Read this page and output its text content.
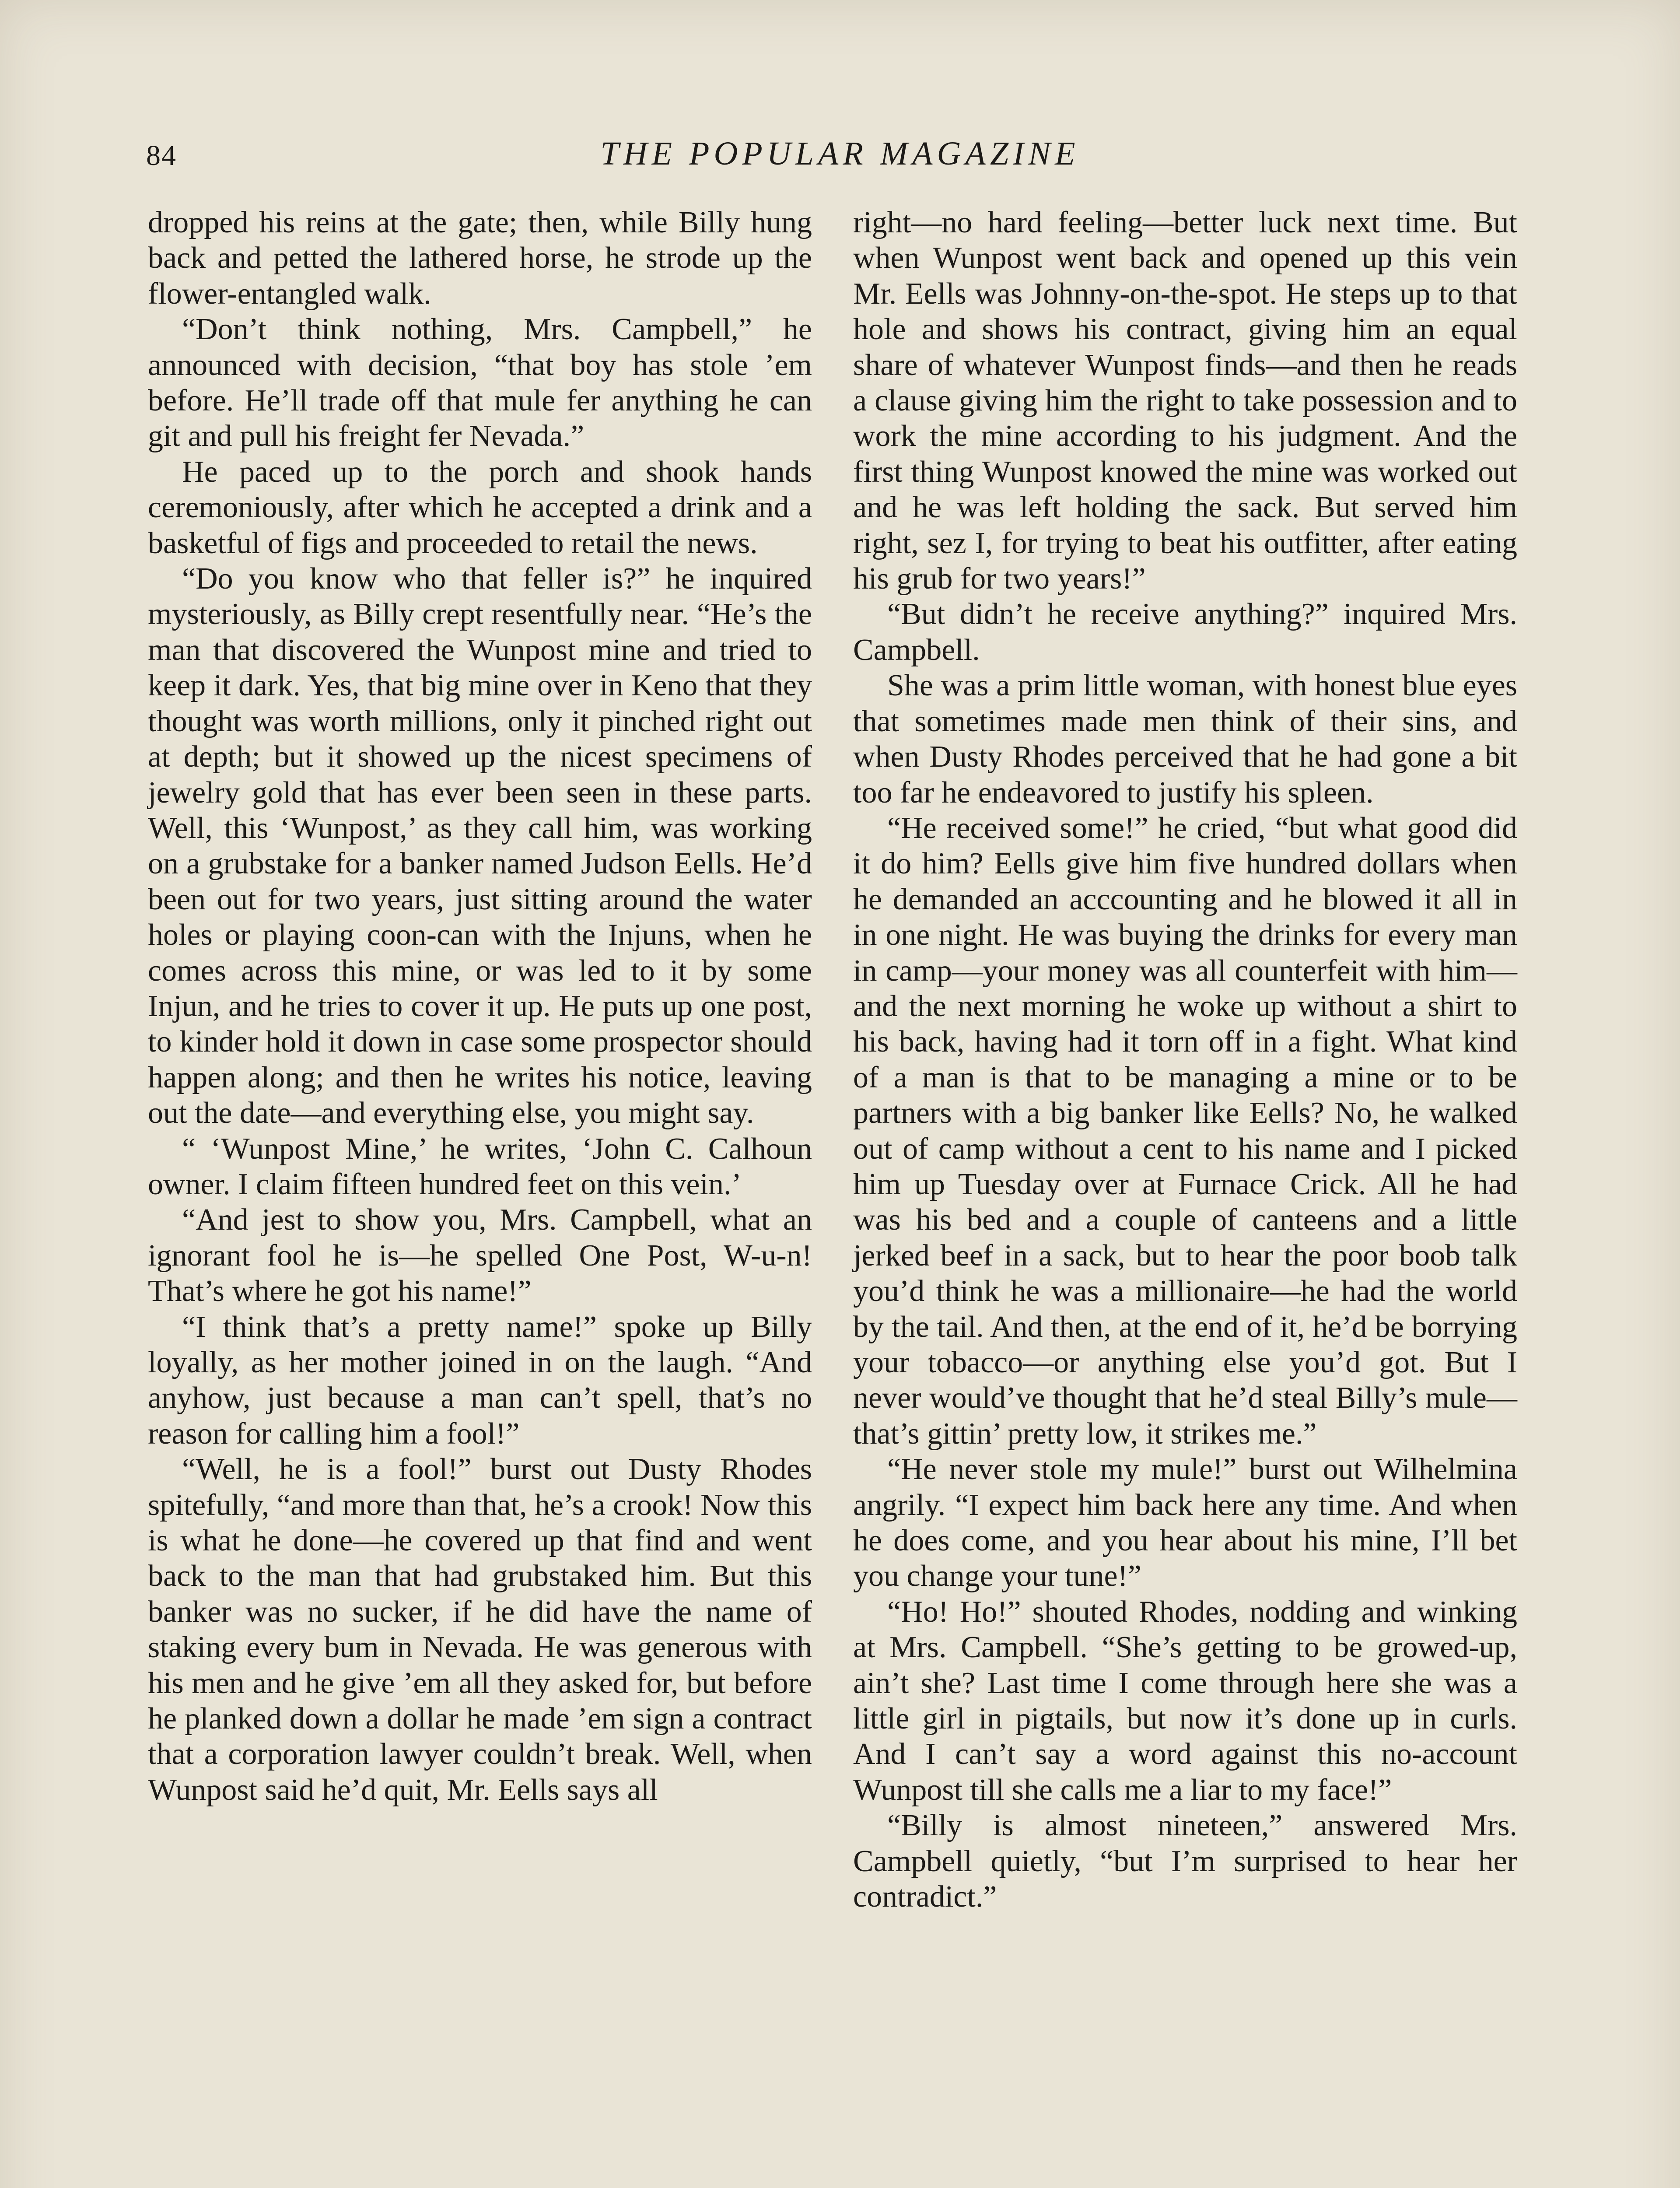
84	THE POPULAR MAGAZINE

dropped his reins at the gate; then, while Billy hung back and petted the lathered horse, he strode up the flower-entangled walk.

“Don’t think nothing, Mrs. Campbell,” he announced with decision, “that boy has stole ’em before. He’ll trade off that mule fer anything he can git and pull his freight fer Nevada.”

He paced up to the porch and shook hands ceremoniously, after which he accepted a drink and a basketful of figs and proceeded to retail the news.

“Do you know who that feller is?” he inquired mysteriously, as Billy crept resentfully near. “He’s the man that discovered the Wunpost mine and tried to keep it dark. Yes, that big mine over in Keno that they thought was worth millions, only it pinched right out at depth; but it showed up the nicest specimens of jewelry gold that has ever been seen in these parts. Well, this ‘Wunpost,’ as they call him, was working on a grubstake for a banker named Judson Eells. He’d been out for two years, just sitting around the water holes or playing coon-can with the Injuns, when he comes across this mine, or was led to it by some Injun, and he tries to cover it up. He puts up one post, to kinder hold it down in case some prospector should happen along; and then he writes his notice, leaving out the date—and everything else, you might say.

“ ‘Wunpost Mine,’ he writes, ‘John C. Calhoun owner. I claim fifteen hundred feet on this vein.’

“And jest to show you, Mrs. Campbell, what an ignorant fool he is—he spelled One Post, W-u-n! That’s where he got his name!”

“I think that’s a pretty name!” spoke up Billy loyally, as her mother joined in on the laugh. “And anyhow, just because a man can’t spell, that’s no reason for calling him a fool!”

“Well, he is a fool!” burst out Dusty Rhodes spitefully, “and more than that, he’s a crook! Now this is what he done—he covered up that find and went back to the man that had grubstaked him. But this banker was no sucker, if he did have the name of staking every bum in Nevada. He was generous with his men and he give ’em all they asked for, but before he planked down a dollar he made ’em sign a contract that a corporation lawyer couldn’t break. Well, when Wunpost said he’d quit, Mr. Eells says all

right—no hard feeling—better luck next time. But when Wunpost went back and opened up this vein Mr. Eells was Johnny-on-the-spot. He steps up to that hole and shows his contract, giving him an equal share of whatever Wunpost finds—and then he reads a clause giving him the right to take possession and to work the mine according to his judgment. And the first thing Wunpost knowed the mine was worked out and he was left holding the sack. But served him right, sez I, for trying to beat his outfitter, after eating his grub for two years!”

“But didn’t he receive anything?” inquired Mrs. Campbell.

She was a prim little woman, with honest blue eyes that sometimes made men think of their sins, and when Dusty Rhodes perceived that he had gone a bit too far he endeavored to justify his spleen.

“He received some!” he cried, “but what good did it do him? Eells give him five hundred dollars when he demanded an acccounting and he blowed it all in in one night. He was buying the drinks for every man in camp—your money was all counterfeit with him—and the next morning he woke up without a shirt to his back, having had it torn off in a fight. What kind of a man is that to be managing a mine or to be partners with a big banker like Eells? No, he walked out of camp without a cent to his name and I picked him up Tuesday over at Furnace Crick. All he had was his bed and a couple of canteens and a little jerked beef in a sack, but to hear the poor boob talk you’d think he was a millionaire—he had the world by the tail. And then, at the end of it, he’d be borrying your tobacco—or anything else you’d got. But I never would’ve thought that he’d steal Billy’s mule—that’s gittin’ pretty low, it strikes me.”

“He never stole my mule!” burst out Wilhelmina angrily. “I expect him back here any time. And when he does come, and you hear about his mine, I’ll bet you change your tune!”

“Ho! Ho!” shouted Rhodes, nodding and winking at Mrs. Campbell. “She’s getting to be growed-up, ain’t she? Last time I come through here she was a little girl in pigtails, but now it’s done up in curls. And I can’t say a word against this no-account Wunpost till she calls me a liar to my face!”

“Billy is almost nineteen,” answered Mrs. Campbell quietly, “but I’m surprised to hear her contradict.”
